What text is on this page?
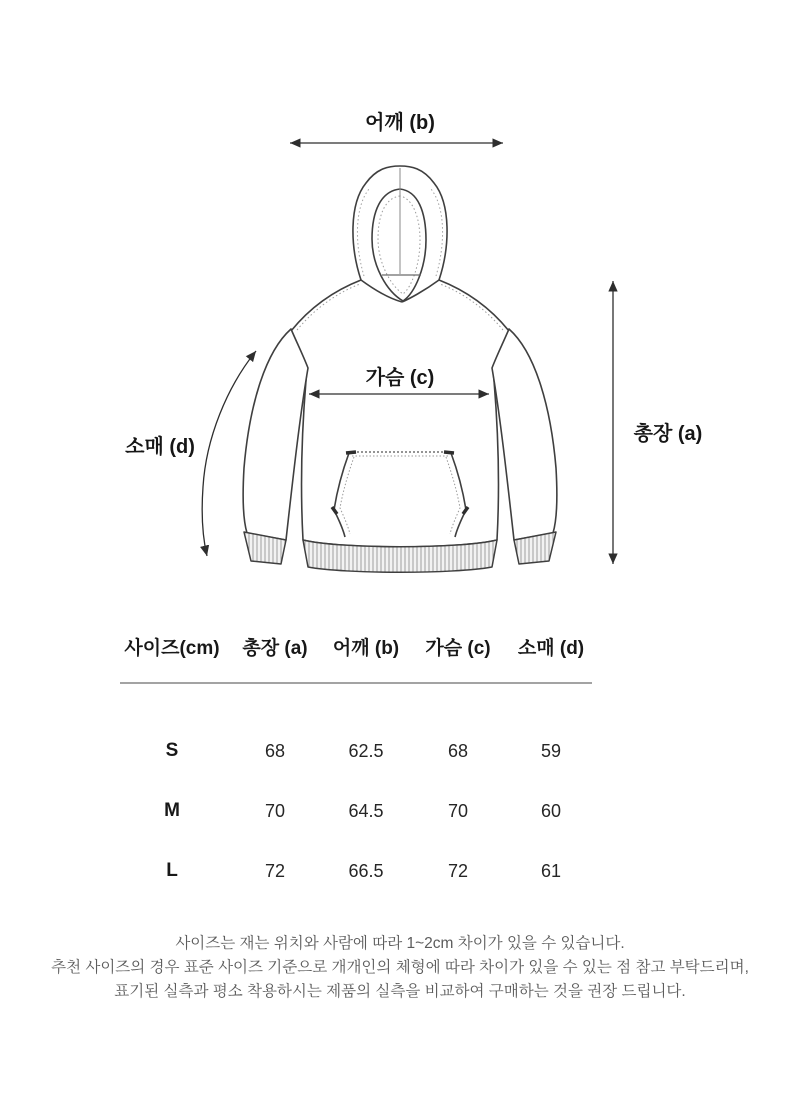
어깨 (b)
가슴 (c)
총장 (a)
소매 (d)
사이즈(cm)	총장 (a)	어깨 (b)	가슴 (c)	소매 (d)
S	68	62.5	68	59
M	70	64.5	70	60
L	72	66.5	72	61
사이즈는 재는 위치와 사람에 따라 1~2cm 차이가 있을 수 있습니다.
추천 사이즈의 경우 표준 사이즈 기준으로 개개인의 체형에 따라 차이가 있을 수 있는 점 참고 부탁드리며,
표기된 실측과 평소 착용하시는 제품의 실측을 비교하여 구매하는 것을 권장 드립니다.
